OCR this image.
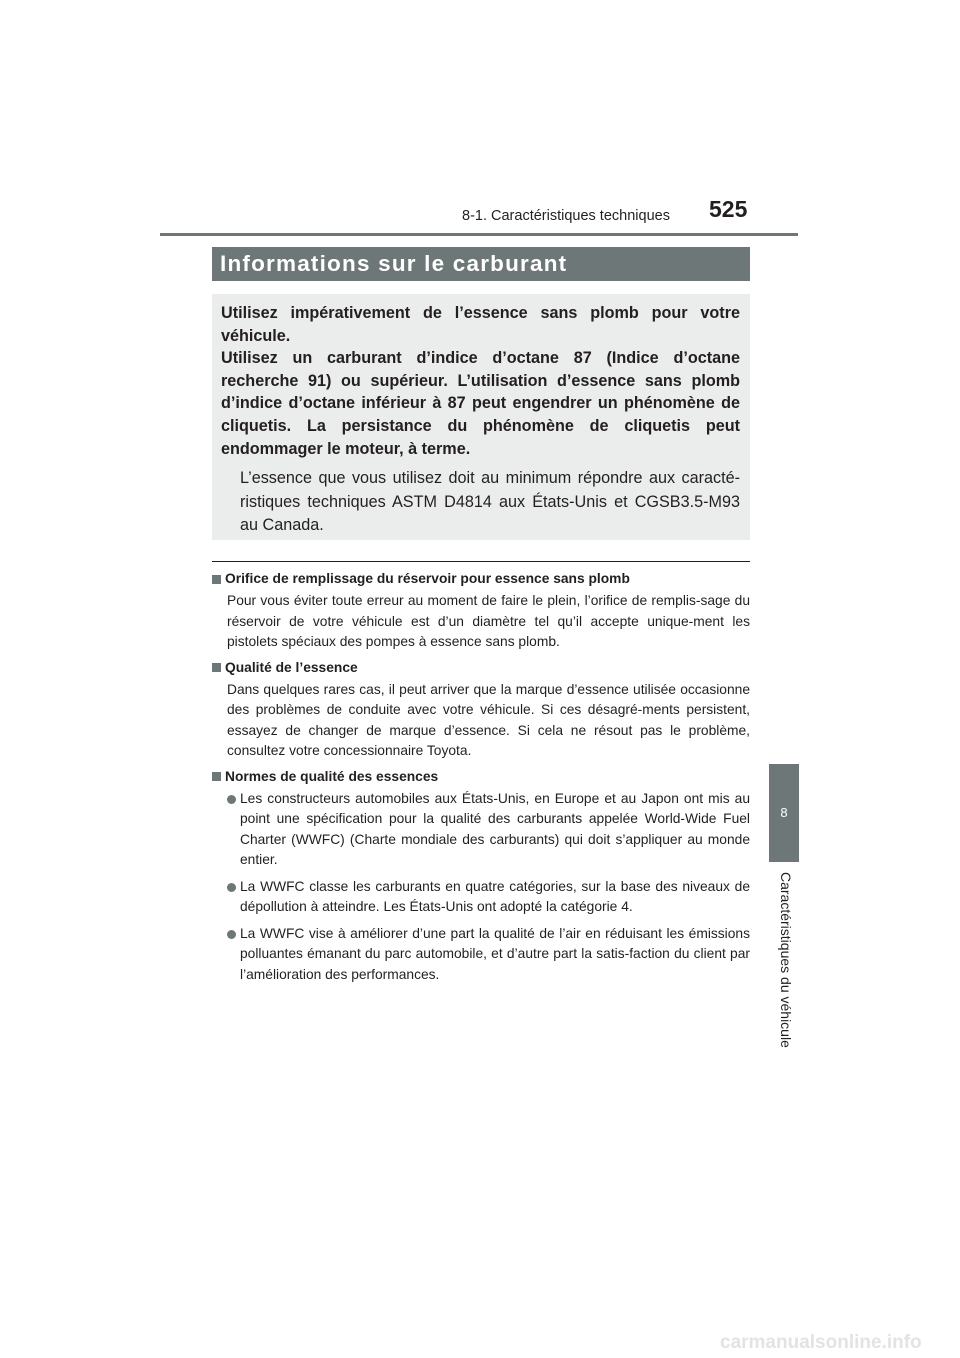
8-1. Caractéristiques techniques 525
8
Caractéristiques du véhicule
Informations sur le carburant

Utilisez impérativement de l’essence sans plomb pour votre véhicule.

Utilisez un carburant d’indice d’octane 87 (Indice d’octane recherche 91) ou supérieur. L’utilisation d’essence sans plomb d’indice d’octane inférieur à 87 peut engendrer un phénomène de cliquetis. La persistance du phénomène de cliquetis peut endommager le moteur, à terme.

L’essence que vous utilisez doit au minimum répondre aux caracté-ristiques techniques ASTM D4814 aux États-Unis et CGSB3.5-M93 au Canada.

Orifice de remplissage du réservoir pour essence sans plomb

Pour vous éviter toute erreur au moment de faire le plein, l’orifice de remplis-sage du réservoir de votre véhicule est d’un diamètre tel qu’il accepte unique-ment les pistolets spéciaux des pompes à essence sans plomb.

Qualité de l’essence

Dans quelques rares cas, il peut arriver que la marque d’essence utilisée occasionne des problèmes de conduite avec votre véhicule. Si ces désagré-ments persistent, essayez de changer de marque d’essence. Si cela ne résout pas le problème, consultez votre concessionnaire Toyota.

Normes de qualité des essences

Les constructeurs automobiles aux États-Unis, en Europe et au Japon ont mis au point une spécification pour la qualité des carburants appelée World-Wide Fuel Charter (WWFC) (Charte mondiale des carburants) qui doit s’appliquer au monde entier.

La WWFC classe les carburants en quatre catégories, sur la base des niveaux de dépollution à atteindre. Les États-Unis ont adopté la catégorie 4.

La WWFC vise à améliorer d’une part la qualité de l’air en réduisant les émissions polluantes émanant du parc automobile, et d’autre part la satis-faction du client par l’amélioration des performances.

carmanualsonline.info
